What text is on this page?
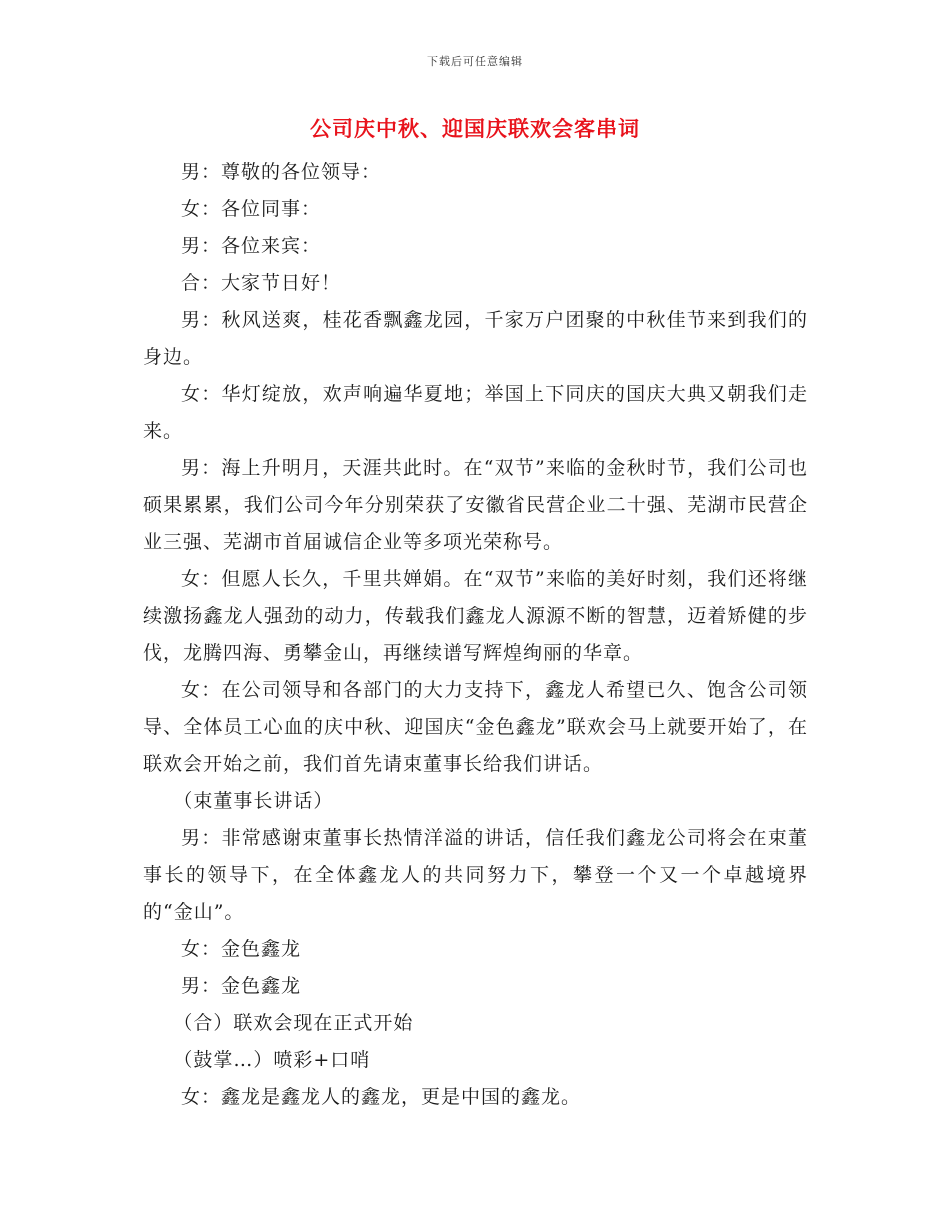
下载后可任意编辑
公司庆中秋、迎国庆联欢会客串词

男：尊敬的各位领导：

女：各位同事：

男：各位来宾：

合：大家节日好！

男：秋风送爽，桂花香飘鑫龙园，千家万户团聚的中秋佳节来到我们的身边。

女：华灯绽放，欢声响遍华夏地；举国上下同庆的国庆大典又朝我们走来。

男：海上升明月，天涯共此时。在“双节”来临的金秋时节，我们公司也硕果累累，我们公司今年分别荣获了安徽省民营企业二十强、芜湖市民营企业三强、芜湖市首届诚信企业等多项光荣称号。

女：但愿人长久，千里共婵娟。在“双节”来临的美好时刻，我们还将继续激扬鑫龙人强劲的动力，传载我们鑫龙人源源不断的智慧，迈着矫健的步伐，龙腾四海、勇攀金山，再继续谱写辉煌绚丽的华章。

女：在公司领导和各部门的大力支持下，鑫龙人希望已久、饱含公司领导、全体员工心血的庆中秋、迎国庆“金色鑫龙”联欢会马上就要开始了，在联欢会开始之前，我们首先请束董事长给我们讲话。

（束董事长讲话）

男：非常感谢束董事长热情洋溢的讲话，信任我们鑫龙公司将会在束董事长的领导下，在全体鑫龙人的共同努力下，攀登一个又一个卓越境界的“金山”。

女：金色鑫龙

男：金色鑫龙

（合）联欢会现在正式开始

（鼓掌…）喷彩+口哨

女：鑫龙是鑫龙人的鑫龙，更是中国的鑫龙。
